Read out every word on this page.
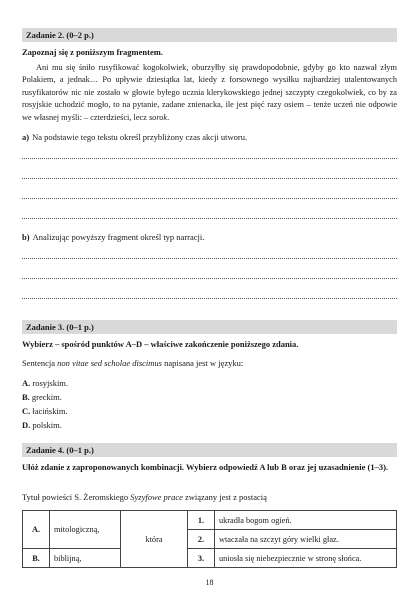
Zadanie 2. (0–2 p.)
Zapoznaj się z poniższym fragmentem.
Ani mu się śniło rusyfikować kogokolwiek, oburzyłby się prawdopodobnie, gdyby go kto nazwał złym Polakiem, a jednak… Po upływie dziesiątka lat, kiedy z forsownego wysiłku najbardziej utalentowanych rusyfikatorów nic nie zostało w głowie byłego ucznia klerykowskiego jednej szczypty czegokolwiek, co by za rosyjskie uchodzić mogło, to na pytanie, zadane znienacka, ile jest pięć razy osiem – tenże uczeń nie odpowie we własnej myśli: – czterdzieści, lecz sorok.
a) Na podstawie tego tekstu określ przybliżony czas akcji utworu.
b) Analizując powyższy fragment określ typ narracji.
Zadanie 3. (0–1 p.)
Wybierz – spośród punktów A–D – właściwe zakończenie poniższego zdania.
Sentencja non vitae sed scholae discimus napisana jest w języku:
A. rosyjskim.
B. greckim.
C. łacińskim.
D. polskim.
Zadanie 4. (0–1 p.)
Ułóż zdanie z zaproponowanych kombinacji. Wybierz odpowiedź A lub B oraz jej uzasadnienie (1–3).
Tytuł powieści S. Żeromskiego Syzyfowe prace związany jest z postacią
A.	mitologiczną,	która	1.	ukradła bogom ogień.
			2.	wtaczała na szczyt góry wielki głaz.
B.	biblijną,		3.	uniosła się niebezpiecznie w stronę słońca.
18
